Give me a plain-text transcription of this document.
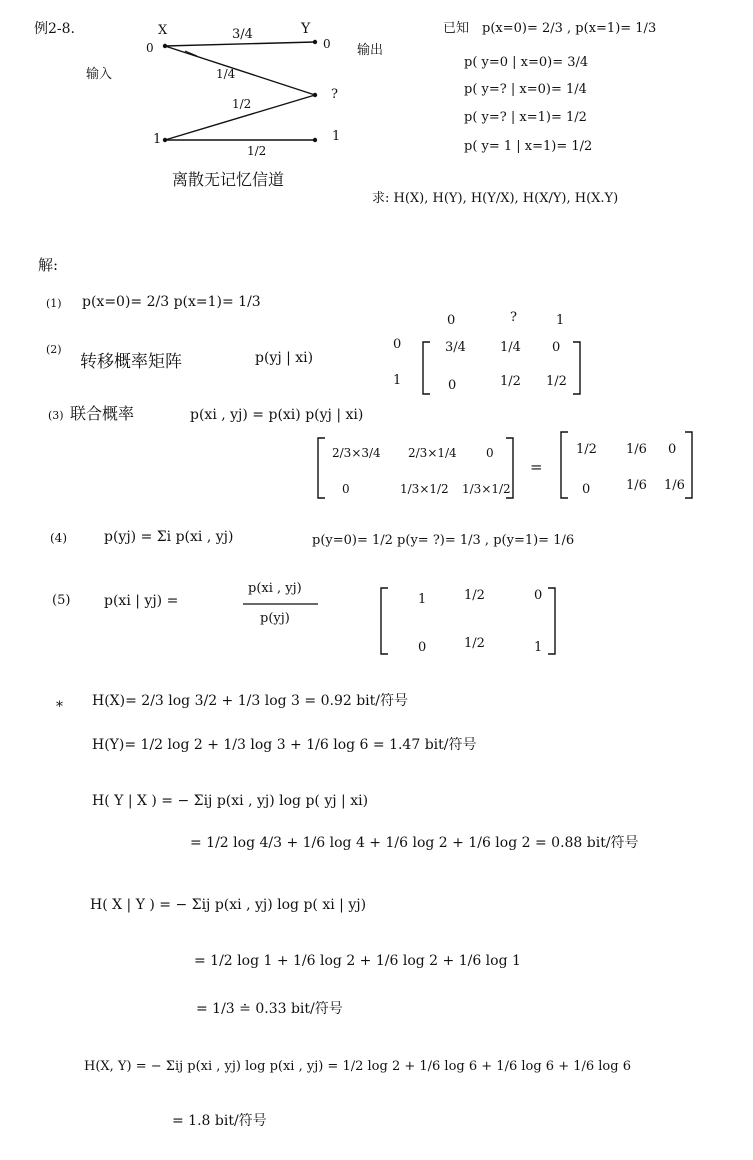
例2-8.	X	Y
3/4
1/4
1/2
1/2
0
1
0
?
1
输入
输出
离散无记忆信道
已知 p(x=0)= 2/3 , p(x=1)= 1/3
p( y=0 | x=0)= 3/4
p( y=? | x=0)= 1/4
p( y=? | x=1)= 1/2
p( y= 1 | x=1)= 1/2
求: H(X), H(Y), H(Y/X), H(X/Y), H(X.Y)
解:
(1) p(x=0)= 2/3 p(x=1)= 1/3
(2)
转移概率矩阵	p(yj | xi)
0	?	1
0
1
3/4	1/4 0
0	1/2 1/2
(3) 联合概率	p(xi , yj) = p(xi) p(yj | xi)
2/3×3/4 2/3×1/4 0
0	1/3×1/2 1/3×1/2
=
1/2 1/6 0
0	1/6 1/6
(4)	p(yj) = Σi p(xi , yj)	p(y=0)= 1/2 p(y= ?)= 1/3 , p(y=1)= 1/6
(5) p(xi | yj) =
p(xi , yj)
p(yj)
1	1/2	0
0	1/2	1
* H(X)= 2/3 log 3/2 + 1/3 log 3 = 0.92 bit/符号
H(Y)= 1/2 log 2 + 1/3 log 3 + 1/6 log 6 = 1.47 bit/符号
H( Y | X ) = − Σij p(xi , yj) log p( yj | xi)
= 1/2 log 4/3 + 1/6 log 4 + 1/6 log 2 + 1/6 log 2 = 0.88 bit/符号
H( X | Y ) = − Σij p(xi , yj) log p( xi | yj)
= 1/2 log 1 + 1/6 log 2 + 1/6 log 2 + 1/6 log 1
= 1/3 ≐ 0.33 bit/符号
H(X, Y) = − Σij p(xi , yj) log p(xi , yj) = 1/2 log 2 + 1/6 log 6 + 1/6 log 6 + 1/6 log 6
= 1.8 bit/符号
